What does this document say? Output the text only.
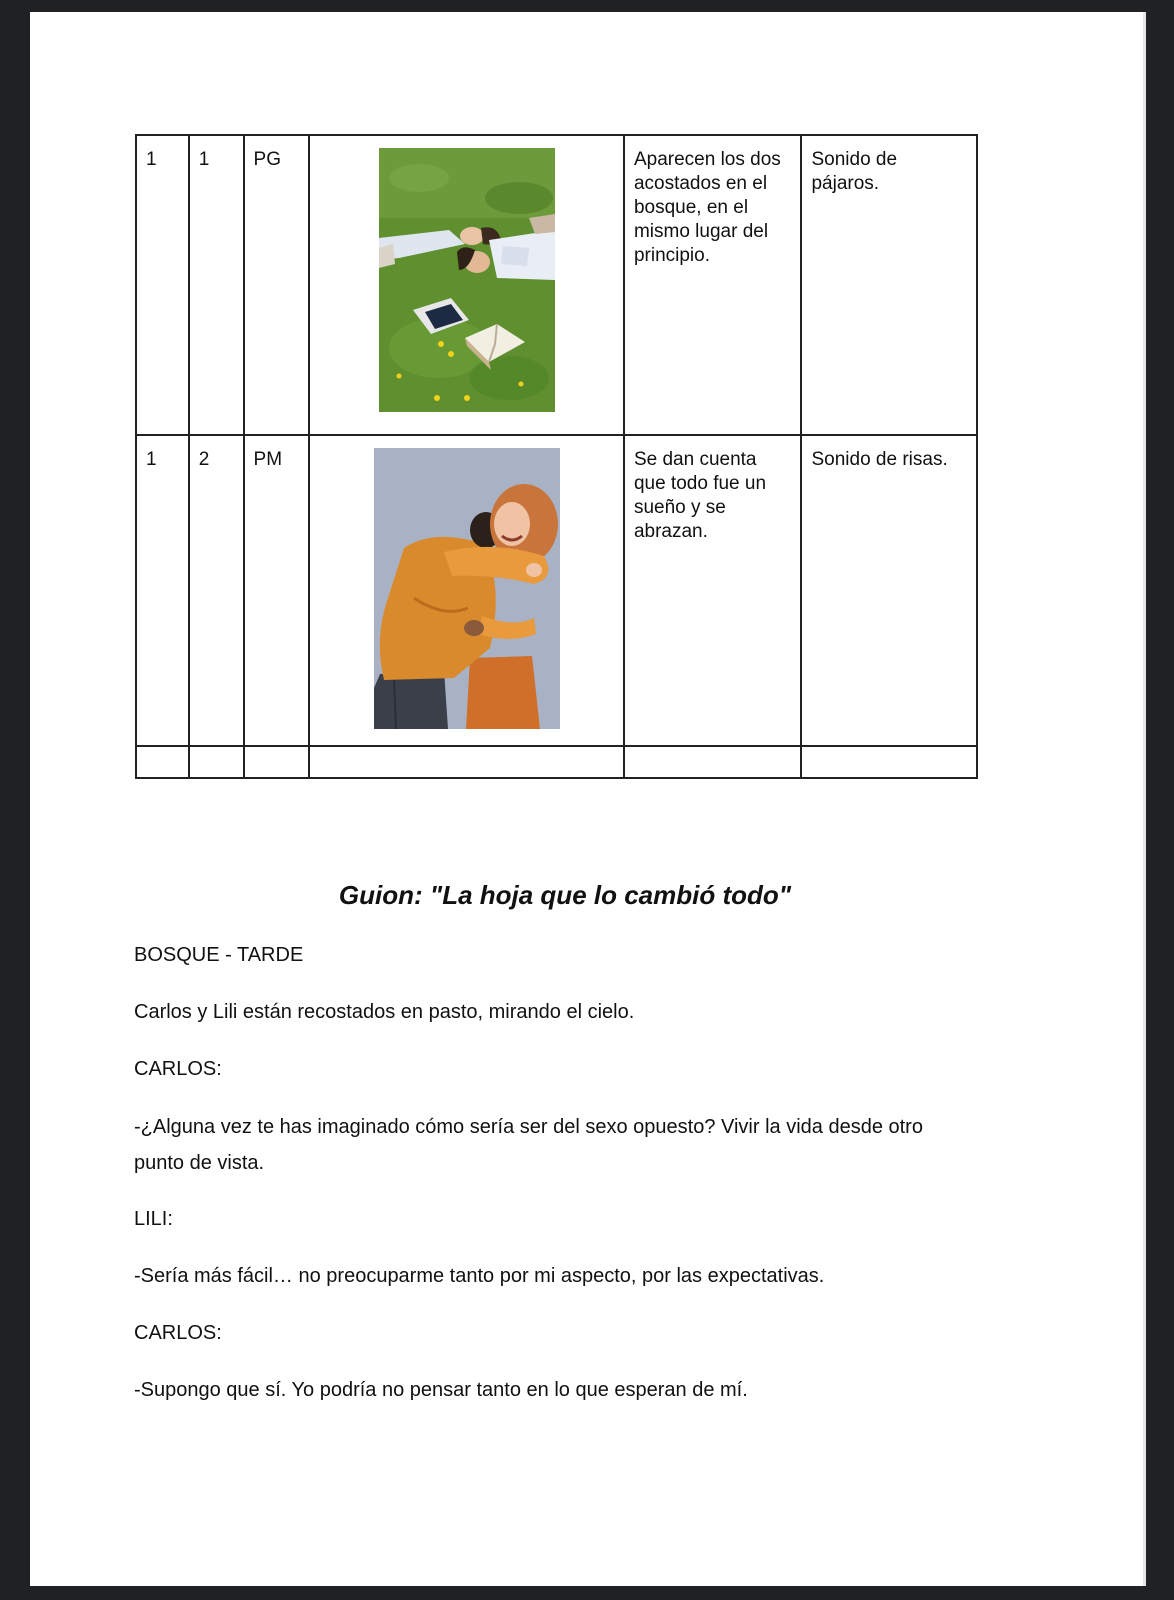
1	1	PG		Aparecen los dos acostados en el bosque, en el mismo lugar del principio.	Sonido de pájaros.
1	2	PM		Se dan cuenta que todo fue un sueño y se abrazan.	Sonido de risas.

Guion: "La hoja que lo cambió todo"

BOSQUE - TARDE

Carlos y Lili están recostados en pasto, mirando el cielo.

CARLOS:

-¿Alguna vez te has imaginado cómo sería ser del sexo opuesto? Vivir la vida desde otro punto de vista.

LILI:

-Sería más fácil… no preocuparme tanto por mi aspecto, por las expectativas.

CARLOS:

-Supongo que sí. Yo podría no pensar tanto en lo que esperan de mí.
